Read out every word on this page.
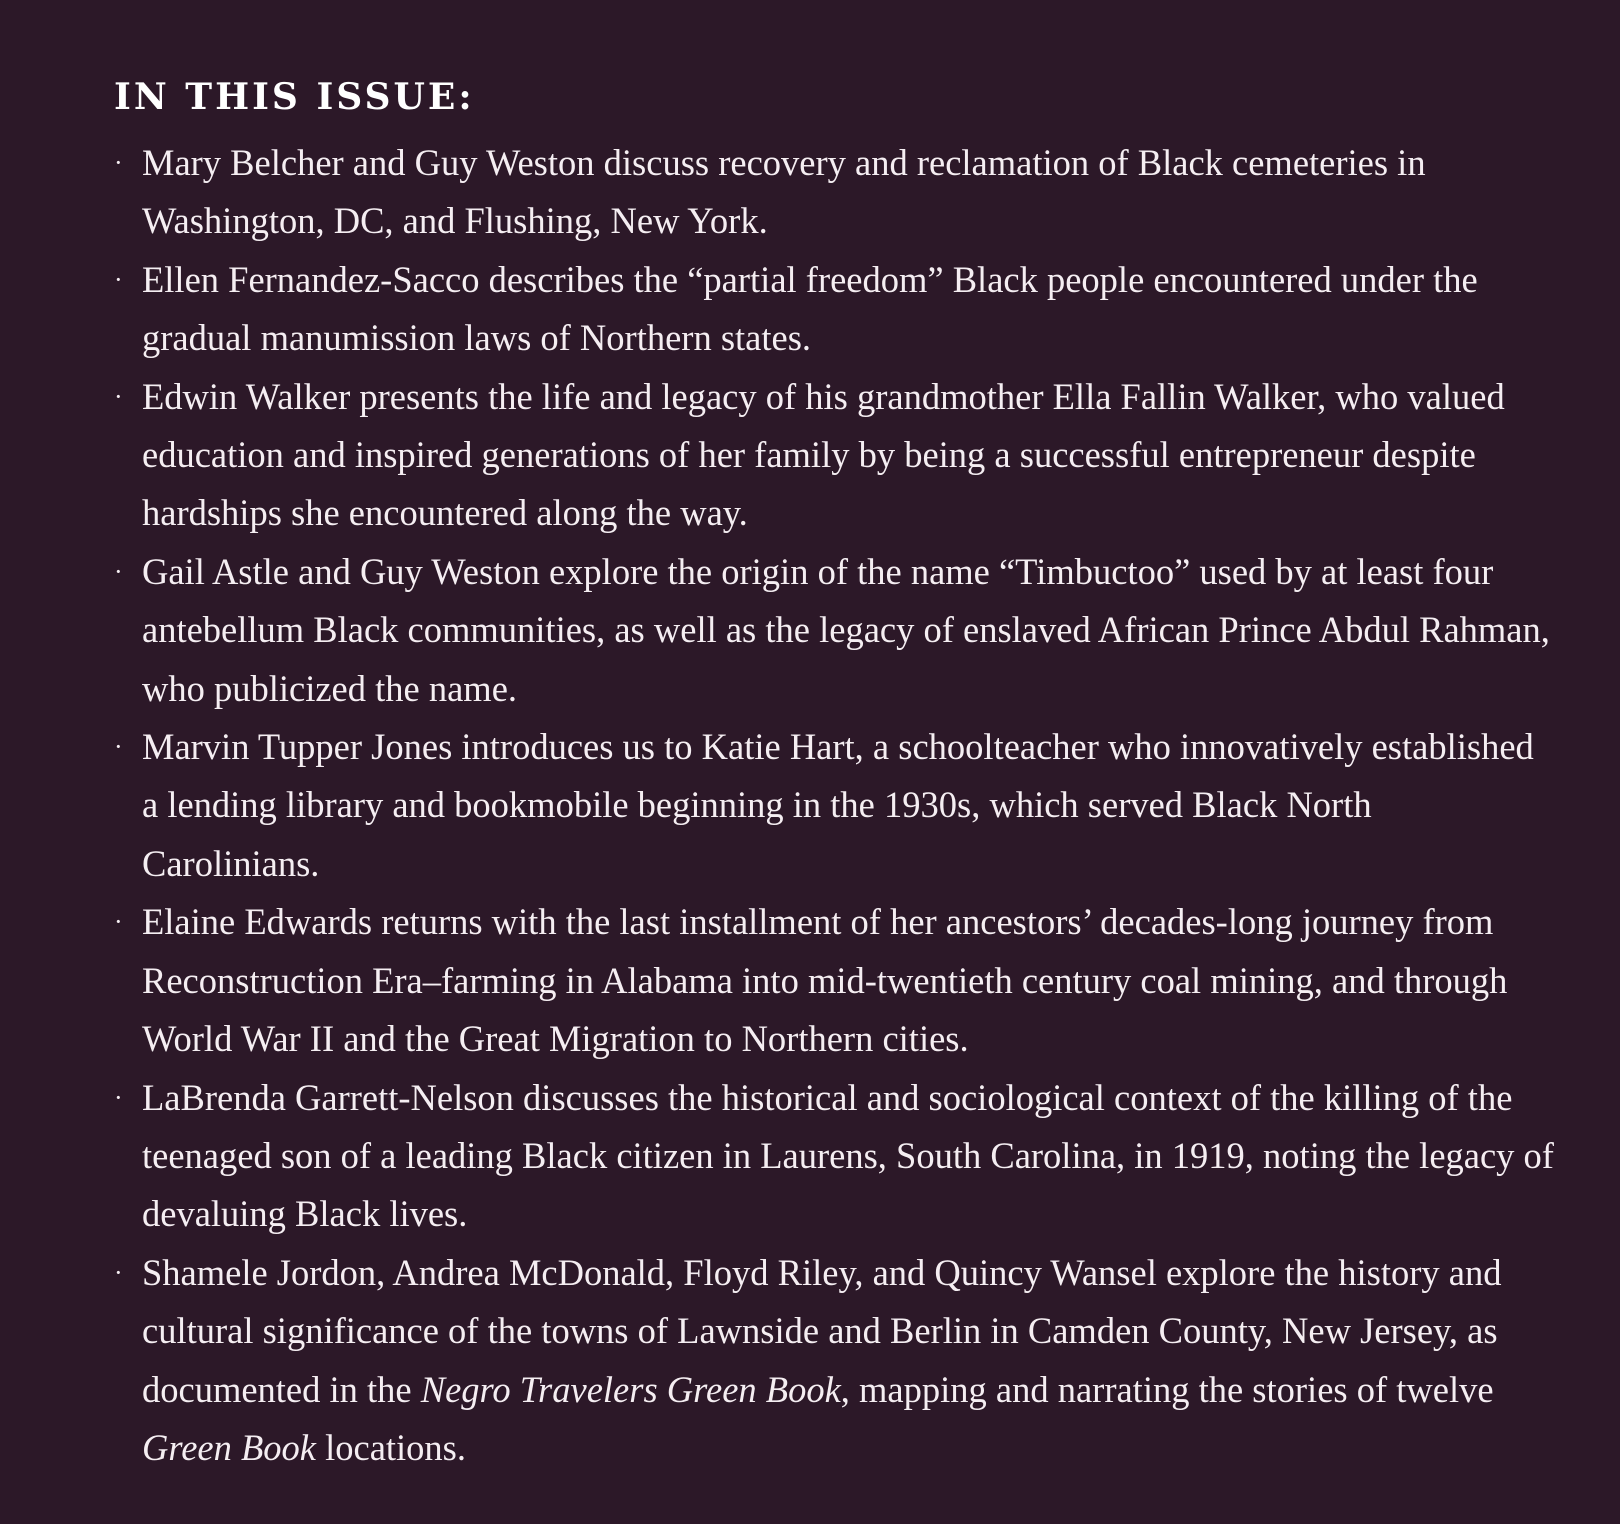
IN THIS ISSUE:
· Mary Belcher and Guy Weston discuss recovery and reclamation of Black cemeteries in Washington, DC, and Flushing, New York.
· Ellen Fernandez-Sacco describes the “partial freedom” Black people encountered under the gradual manumission laws of Northern states.
· Edwin Walker presents the life and legacy of his grandmother Ella Fallin Walker, who valued education and inspired generations of her family by being a successful entrepreneur despite hardships she encountered along the way.
· Gail Astle and Guy Weston explore the origin of the name “Timbuctoo” used by at least four antebellum Black communities, as well as the legacy of enslaved African Prince Abdul Rahman, who publicized the name.
· Marvin Tupper Jones introduces us to Katie Hart, a schoolteacher who innovatively established a lending library and bookmobile beginning in the 1930s, which served Black North Carolinians.
· Elaine Edwards returns with the last installment of her ancestors’ decades-long journey from Reconstruction Era–farming in Alabama into mid-twentieth century coal mining, and through World War II and the Great Migration to Northern cities.
· LaBrenda Garrett-Nelson discusses the historical and sociological context of the killing of the teenaged son of a leading Black citizen in Laurens, South Carolina, in 1919, noting the legacy of devaluing Black lives.
· Shamele Jordon, Andrea McDonald, Floyd Riley, and Quincy Wansel explore the history and cultural significance of the towns of Lawnside and Berlin in Camden County, New Jersey, as documented in the Negro Travelers Green Book, mapping and narrating the stories of twelve Green Book locations.
